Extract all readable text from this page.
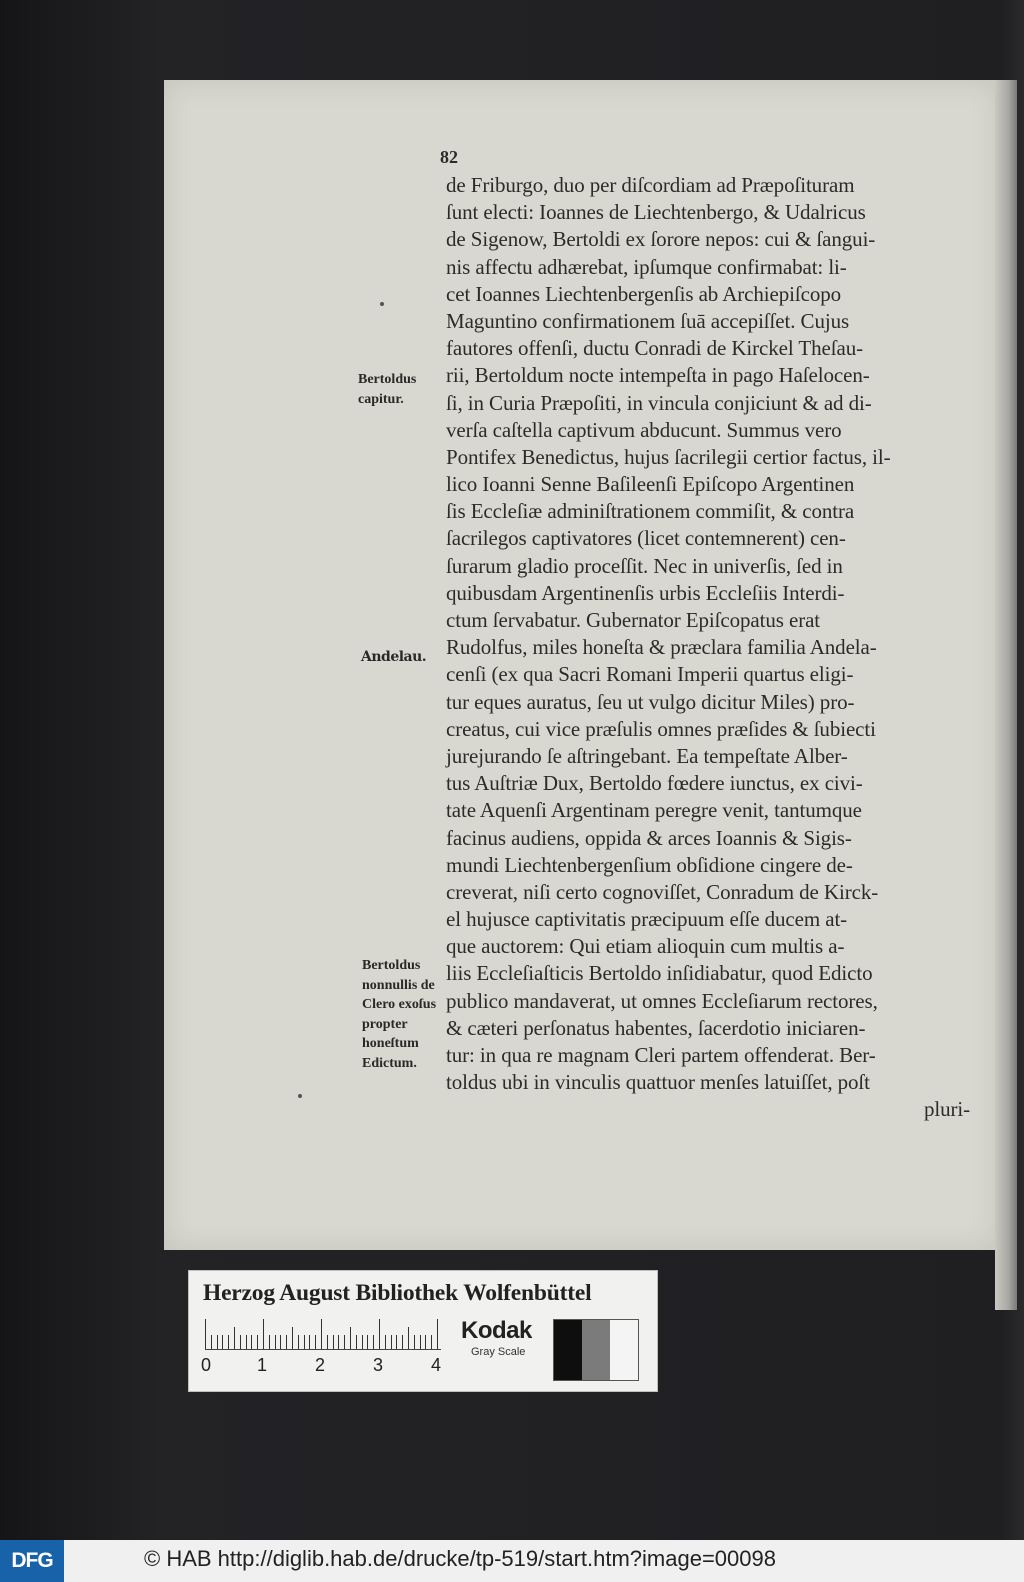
82
de Friburgo, duo per diſcordiam ad Præpoſituram
ſunt electi: Ioannes de Liechtenbergo, & Udalricus
de Sigenow, Bertoldi ex ſorore nepos: cui & ſangui-
nis affectu adhærebat, ipſumque confirmabat: li-
cet Ioannes Liechtenbergenſis ab Archiepiſcopo
Maguntino confirmationem ſuā accepiſſet. Cujus
fautores offenſi, ductu Conradi de Kirckel Theſau-
rii, Bertoldum nocte intempeſta in pago Haſelocen-
ſi, in Curia Præpoſiti, in vincula conjiciunt & ad di-
verſa caſtella captivum abducunt. Summus vero
Pontifex Benedictus, hujus ſacrilegii certior factus, il-
lico Ioanni Senne Baſileenſi Epiſcopo Argentinen
ſis Eccleſiæ adminiſtrationem commiſit, & contra
ſacrilegos captivatores (licet contemnerent) cen-
ſurarum gladio proceſſit. Nec in univerſis, ſed in
quibusdam Argentinenſis urbis Eccleſiis Interdi-
ctum ſervabatur. Gubernator Epiſcopatus erat
Rudolfus, miles honeſta & præclara familia Andela-
cenſi (ex qua Sacri Romani Imperii quartus eligi-
tur eques auratus, ſeu ut vulgo dicitur Miles) pro-
creatus, cui vice præſulis omnes præſides & ſubiecti
jurejurando ſe aſtringebant. Ea tempeſtate Alber-
tus Auſtriæ Dux, Bertoldo fœdere iunctus, ex civi-
tate Aquenſi Argentinam peregre venit, tantumque
facinus audiens, oppida & arces Ioannis & Sigis-
mundi Liechtenbergenſium obſidione cingere de-
creverat, niſi certo cognoviſſet, Conradum de Kirck-
el hujusce captivitatis præcipuum eſſe ducem at-
que auctorem: Qui etiam alioquin cum multis a-
liis Eccleſiaſticis Bertoldo inſidiabatur, quod Edicto
publico mandaverat, ut omnes Eccleſiarum rectores,
& cæteri perſonatus habentes, ſacerdotio iniciaren-
tur: in qua re magnam Cleri partem offenderat. Ber-
toldus ubi in vinculis quattuor menſes latuiſſet, poſt
pluri-
Bertoldus capitur.
Andelau.
Bertoldus nonnullis de Clero exoſus propter honeſtum Edictum.
Herzog August Bibliothek Wolfenbüttel
0	1	2	3	4
Kodak
Gray Scale
DFG	© HAB http://diglib.hab.de/drucke/tp-519/start.htm?image=00098
